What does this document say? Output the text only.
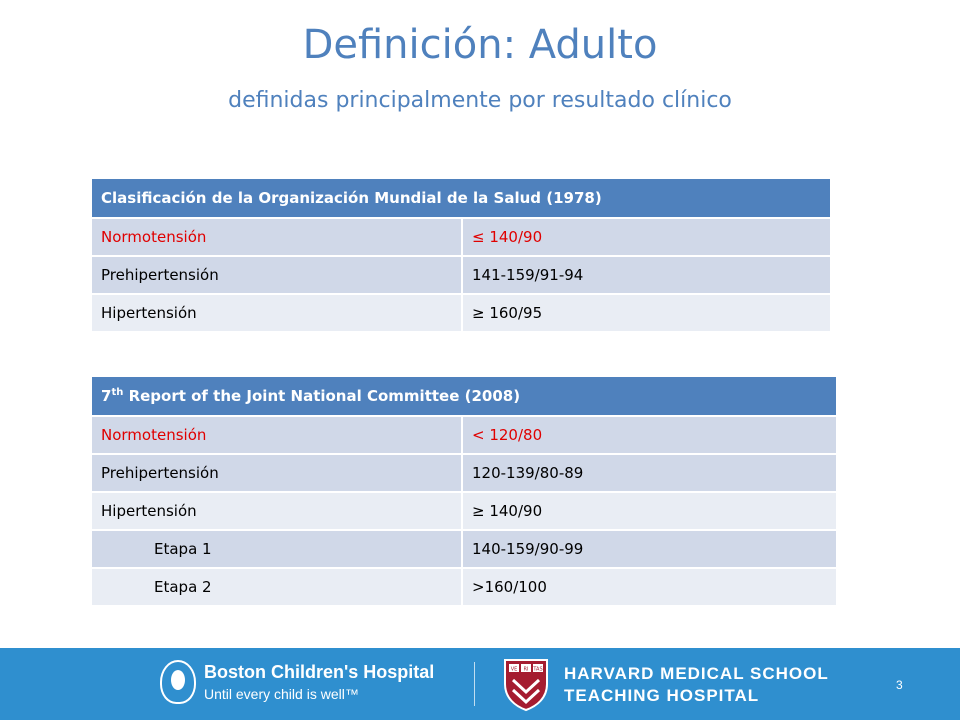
Definición: Adulto
definidas principalmente por resultado clínico
Clasificación de la Organización Mundial de la Salud (1978)	
Normotensión	≤ 140/90
Prehipertensión	141-159/91-94
Hipertensión	≥ 160/95
7th Report of the Joint National Committee (2008)	
Normotensión	< 120/80
Prehipertensión	120-139/80-89
Hipertensión	≥ 140/90
Etapa 1	140-159/90-99
Etapa 2	>160/100
Boston Children's Hospital
Until every child is well™
VE RI TAS HARVARD MEDICAL SCHOOL
TEACHING HOSPITAL
3
